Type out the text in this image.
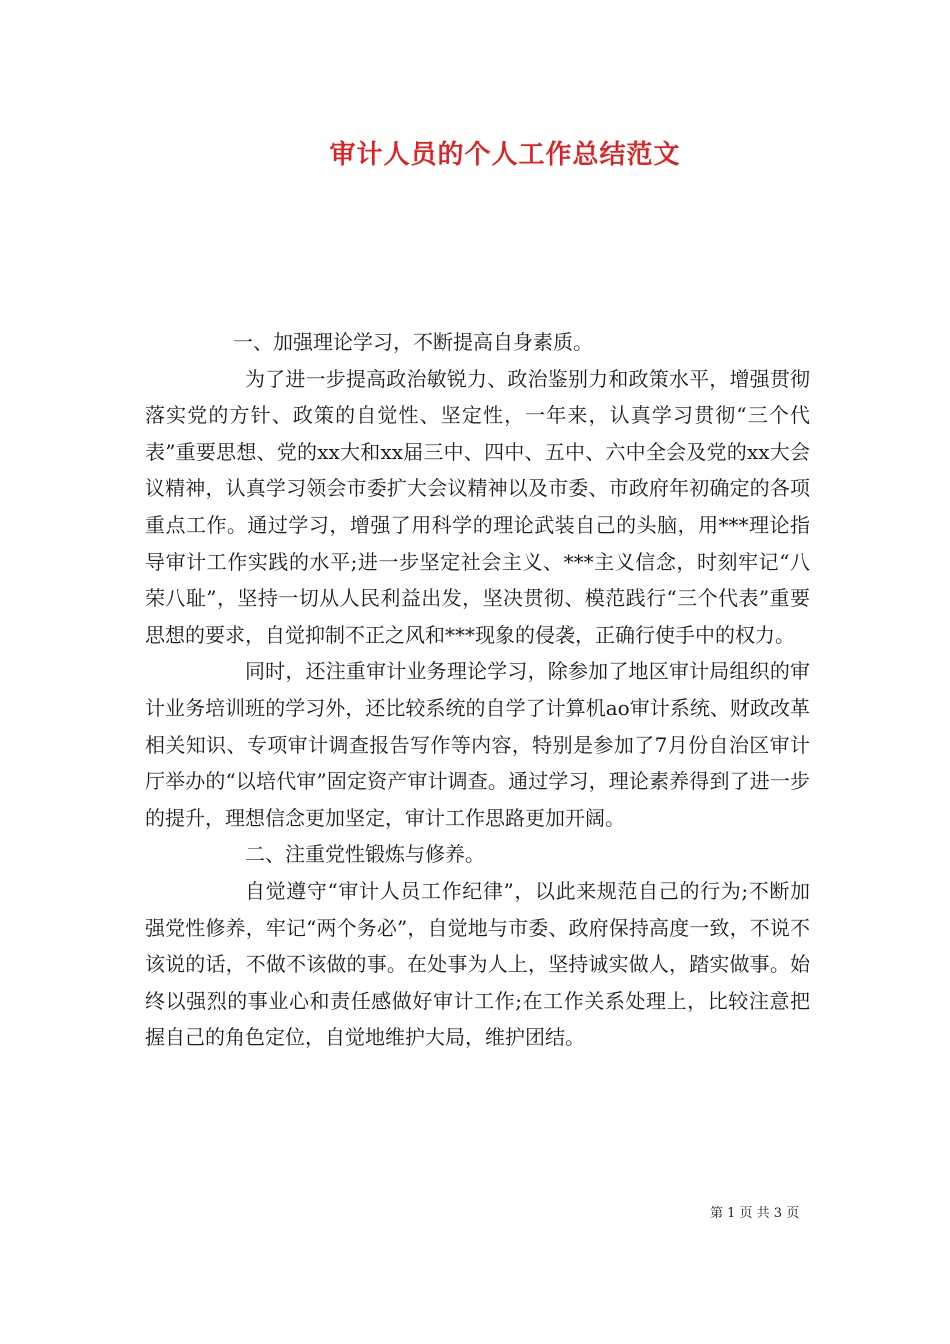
审计人员的个人工作总结范文

一、加强理论学习，不断提高自身素质。

为了进一步提高政治敏锐力、政治鉴别力和政策水平，增强贯彻落实党的方针、政策的自觉性、坚定性，一年来，认真学习贯彻“三个代表”重要思想、党的xx大和xx届三中、四中、五中、六中全会及党的xx大会议精神，认真学习领会市委扩大会议精神以及市委、市政府年初确定的各项重点工作。通过学习，增强了用科学的理论武装自己的头脑，用***理论指导审计工作实践的水平;进一步坚定社会主义、***主义信念，时刻牢记“八荣八耻”，坚持一切从人民利益出发，坚决贯彻、模范践行“三个代表”重要思想的要求，自觉抑制不正之风和***现象的侵袭，正确行使手中的权力。

同时，还注重审计业务理论学习，除参加了地区审计局组织的审计业务培训班的学习外，还比较系统的自学了计算机ao审计系统、财政改革相关知识、专项审计调查报告写作等内容，特别是参加了7月份自治区审计厅举办的“以培代审”固定资产审计调查。通过学习，理论素养得到了进一步的提升，理想信念更加坚定，审计工作思路更加开阔。

二、注重党性锻炼与修养。

自觉遵守“审计人员工作纪律”，以此来规范自己的行为;不断加强党性修养，牢记“两个务必”，自觉地与市委、政府保持高度一致，不说不该说的话，不做不该做的事。在处事为人上，坚持诚实做人，踏实做事。始终以强烈的事业心和责任感做好审计工作;在工作关系处理上，比较注意把握自己的角色定位，自觉地维护大局，维护团结。

第 1 页 共 3 页
